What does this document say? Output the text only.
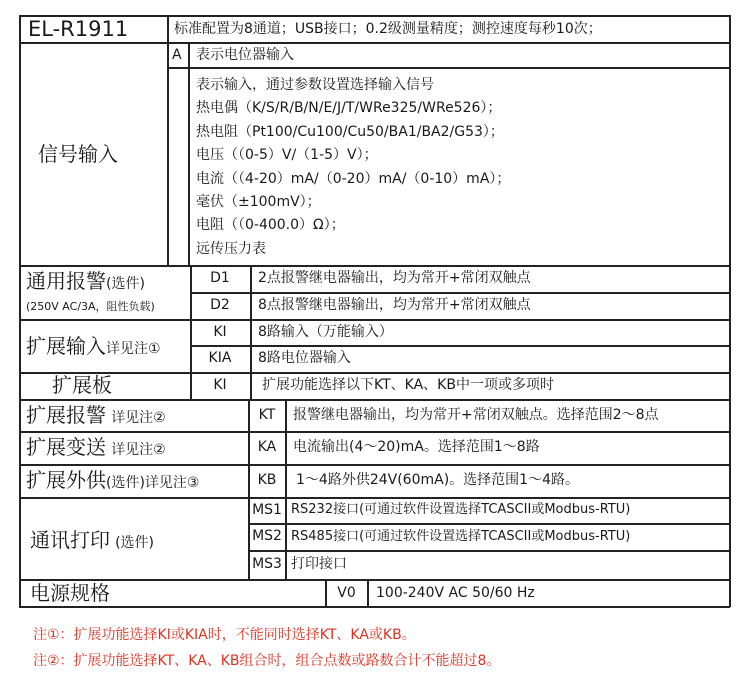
EL-R1911	标准配置为8通道；USB接口；0.2级测量精度；测控速度每秒10次；
信号输入
A 表示电位器输入
表示输入，通过参数设置选择输入信号
热电偶（K/S/R/B/N/E/J/T/WRe325/WRe526）；
热电阻（Pt100/Cu100/Cu50/BA1/BA2/G53）；
电压（（0-5）V/（1-5）V）；
电流（（4-20）mA/（0-20）mA/（0-10）mA）；
毫伏（±100mV）；
电阻（（0-400.0）Ω）；
远传压力表
通用报警(选件)
(250V AC/3A，阻性负载)
D1	2点报警继电器输出，均为常开+常闭双触点
D2	8点报警继电器输出，均为常开+常闭双触点
扩展输入详见注①
KI	8路输入（万能输入）
KIA	8路电位器输入
扩展板	KI	扩展功能选择以下KT、KA、KB中一项或多项时
扩展报警 详见注②	KT	报警继电器输出，均为常开+常闭双触点。选择范围2～8点
扩展变送 详见注②	KA	电流输出(4～20)mA。选择范围1～8路
扩展外供(选件)详见注③	KB	1～4路外供24V(60mA)。选择范围1～4路。
通讯打印 (选件)
MS1 RS232接口(可通过软件设置选择TCASCII或Modbus-RTU)
MS2 RS485接口(可通过软件设置选择TCASCII或Modbus-RTU)
MS3 打印接口
电源规格	V0	100-240V AC 50/60 Hz
注①：扩展功能选择KI或KIA时，不能同时选择KT、KA或KB。
注②：扩展功能选择KT、KA、KB组合时，组合点数或路数合计不能超过8。
